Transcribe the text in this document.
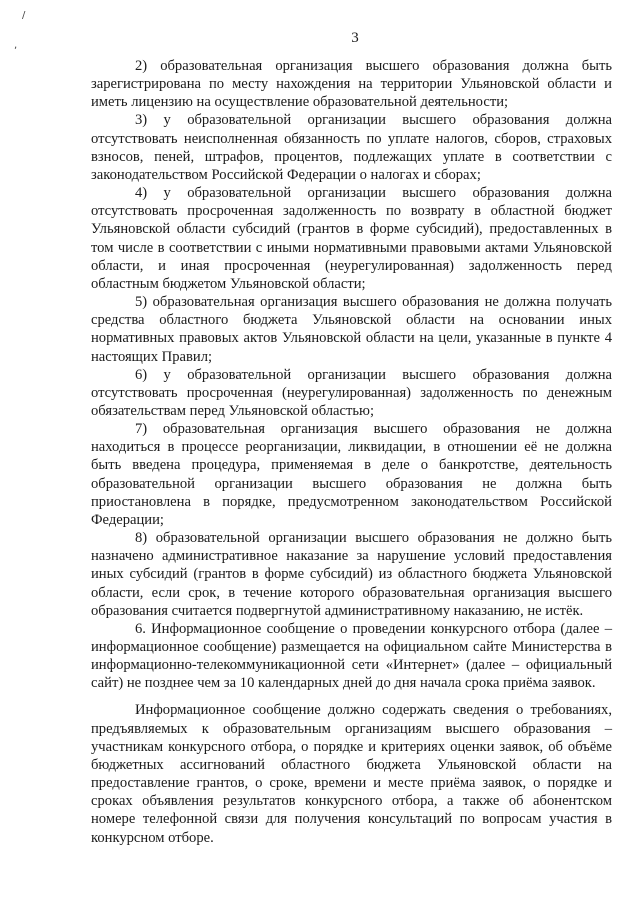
/
,	3

2) образовательная организация высшего образования должна быть зарегистрирована по месту нахождения на территории Ульяновской области и иметь лицензию на осуществление образовательной деятельности;

3) у образовательной организации высшего образования должна отсутствовать неисполненная обязанность по уплате налогов, сборов, страховых взносов, пеней, штрафов, процентов, подлежащих уплате в соответствии с законодательством Российской Федерации о налогах и сборах;

4) у образовательной организации высшего образования должна отсутствовать просроченная задолженность по возврату в областной бюджет Ульяновской области субсидий (грантов в форме субсидий), предоставленных в том числе в соответствии с иными нормативными правовыми актами Ульяновской области, и иная просроченная (неурегулированная) задолженность перед областным бюджетом Ульяновской области;

5) образовательная организация высшего образования не должна получать средства областного бюджета Ульяновской области на основании иных нормативных правовых актов Ульяновской области на цели, указанные в пункте 4 настоящих Правил;

6) у образовательной организации высшего образования должна отсутствовать просроченная (неурегулированная) задолженность по денежным обязательствам перед Ульяновской областью;

7) образовательная организация высшего образования не должна находиться в процессе реорганизации, ликвидации, в отношении её не должна быть введена процедура, применяемая в деле о банкротстве, деятельность образовательной организации высшего образования не должна быть приостановлена в порядке, предусмотренном законодательством Российской Федерации;

8) образовательной организации высшего образования не должно быть назначено административное наказание за нарушение условий предоставления иных субсидий (грантов в форме субсидий) из областного бюджета Ульяновской области, если срок, в течение которого образовательная организация высшего образования считается подвергнутой административному наказанию, не истёк.

6. Информационное сообщение о проведении конкурсного отбора (далее – информационное сообщение) размещается на официальном сайте Министерства в информационно-телекоммуникационной сети «Интернет» (далее – официальный сайт) не позднее чем за 10 календарных дней до дня начала срока приёма заявок.

Информационное сообщение должно содержать сведения о требованиях, предъявляемых к образовательным организациям высшего образования – участникам конкурсного отбора, о порядке и критериях оценки заявок, об объёме бюджетных ассигнований областного бюджета Ульяновской области на предоставление грантов, о сроке, времени и месте приёма заявок, о порядке и сроках объявления результатов конкурсного отбора, а также об абонентском номере телефонной связи для получения консультаций по вопросам участия в конкурсном отборе.
